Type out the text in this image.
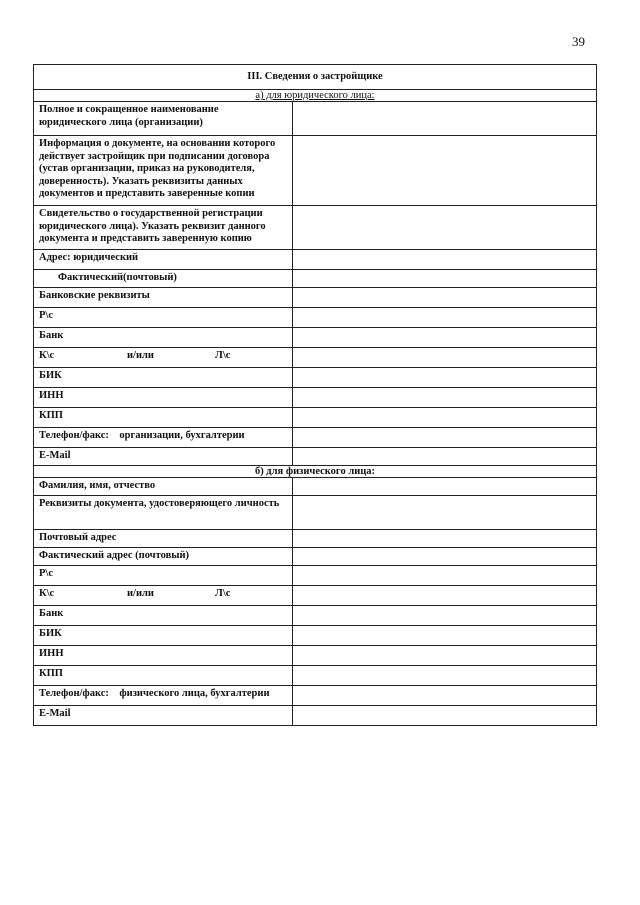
39
III. Сведения о застройщике	
а) для юридического лица:	
Полное и сокращенное наименование юридического лица (организации)	
Информация о документе, на основании которого действует застройщик при подписании договора (устав организации, приказ на руководителя, доверенность). Указать реквизиты данных документов и представить заверенные копии	
Свидетельство о государственной регистрации юридического лица). Указать реквизит данного документа и представить заверенную копию	
Адрес: юридический	
Фактический(почтовый)	
Банковские реквизиты	
Р\с	
Банк	
К\с и/или Л\с	
БИК	
ИНН	
КПП	
Телефон/факс: организации, бухгалтерии	
E-Mail	
б) для физического лица:	
Фамилия, имя, отчество	
Реквизиты документа, удостоверяющего личность	
Почтовый адрес	
Фактический адрес (почтовый)	
Р\с	
К\с и/или Л\с	
Банк	
БИК	
ИНН	
КПП	
Телефон/факс: физического лица, бухгалтерии	
E-Mail	
